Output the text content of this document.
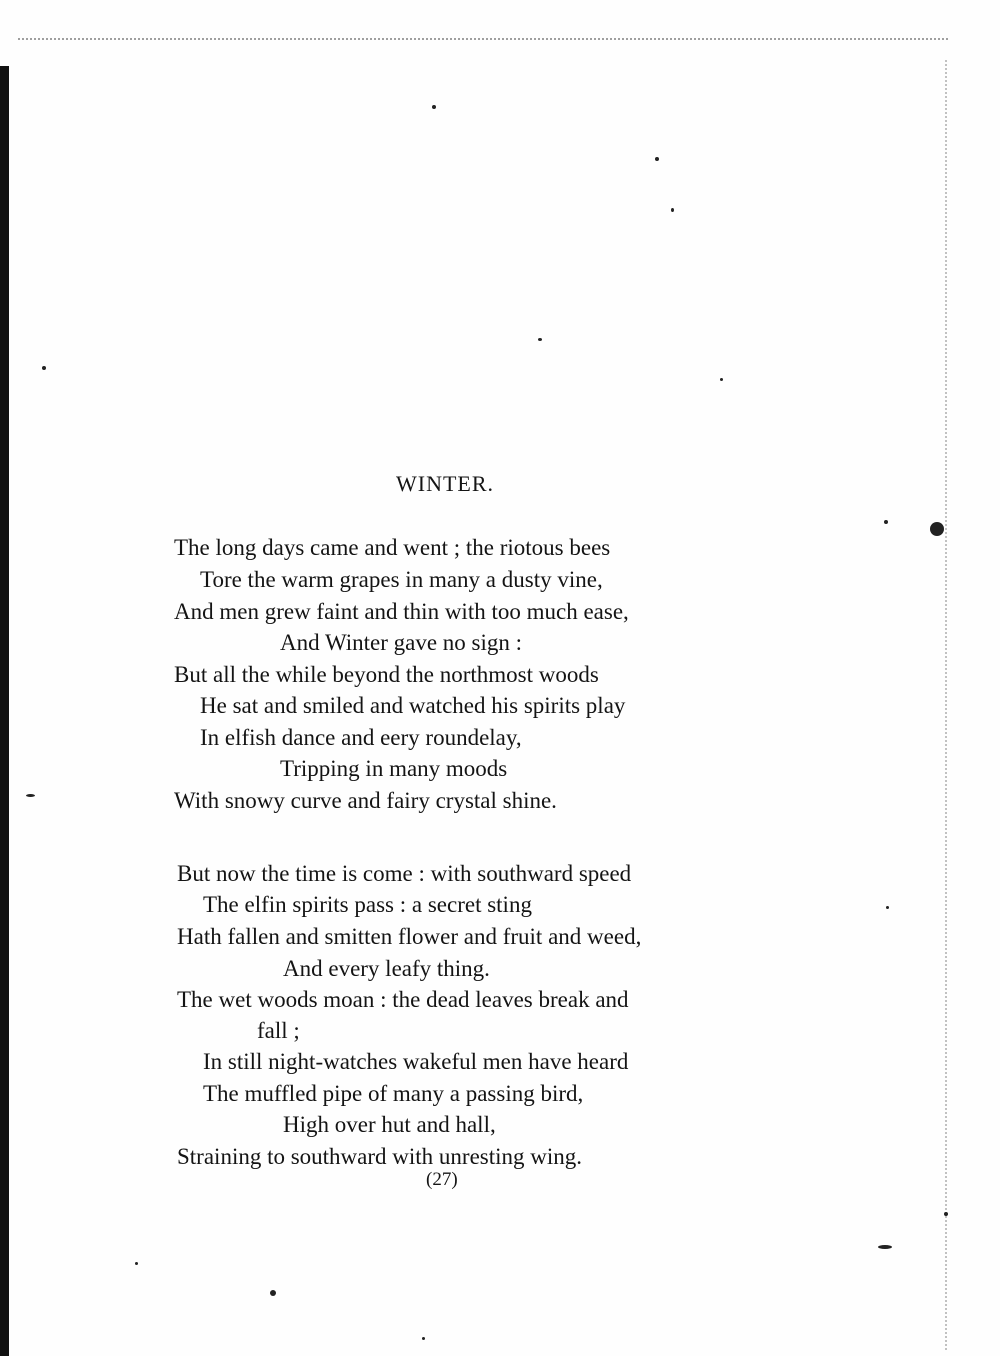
WINTER.
The long days came and went ; the riotous bees
Tore the warm grapes in many a dusty vine,
And men grew faint and thin with too much ease,
And Winter gave no sign :
But all the while beyond the northmost woods
He sat and smiled and watched his spirits play
In elfish dance and eery roundelay,
Tripping in many moods
With snowy curve and fairy crystal shine.
But now the time is come : with southward speed
The elfin spirits pass : a secret sting
Hath fallen and smitten flower and fruit and weed,
And every leafy thing.
The wet woods moan : the dead leaves break and
fall ;
In still night-watches wakeful men have heard
The muffled pipe of many a passing bird,
High over hut and hall,
Straining to southward with unresting wing.
(27)
